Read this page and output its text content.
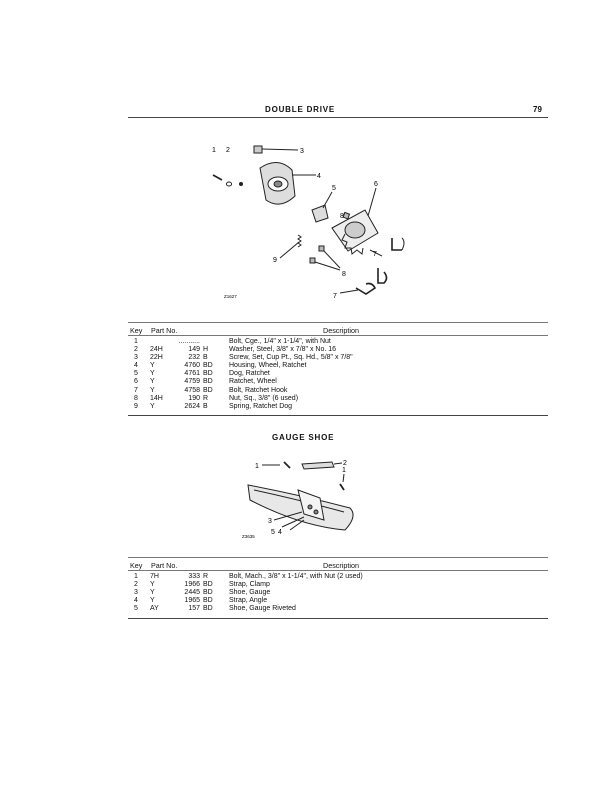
DOUBLE DRIVE	79
1 2	3
4
5
6
7
7
8
8
9
Z1627
Key Part No.	Description
1		...........		Bolt, Cge., 1/4" x 1-1/4", with Nut
2	24H	149	H	Washer, Steel, 3/8" x 7/8" x No. 16
3	22H	232	B	Screw, Set, Cup Pt., Sq. Hd., 5/8" x 7/8"
4	Y	4760	BD	Housing, Wheel, Ratchet
5	Y	4761	BD	Dog, Ratchet
6	Y	4759	BD	Ratchet, Wheel
7	Y	4758	BD	Bolt, Ratchet Hook
8	14H	190	R	Nut, Sq., 3/8" (6 used)
9	Y	2624	B	Spring, Ratchet Dog
GAUGE SHOE
1	2
1
3
4
5
Z3635
Key Part No.	Description
1	7H	333	R	Bolt, Mach., 3/8" x 1-1/4", with Nut (2 used)
2	Y	1966	BD	Strap, Clamp
3	Y	2445	BD	Shoe, Gauge
4	Y	1965	BD	Strap, Angle
5	AY	157	BD	Shoe, Gauge Riveted
